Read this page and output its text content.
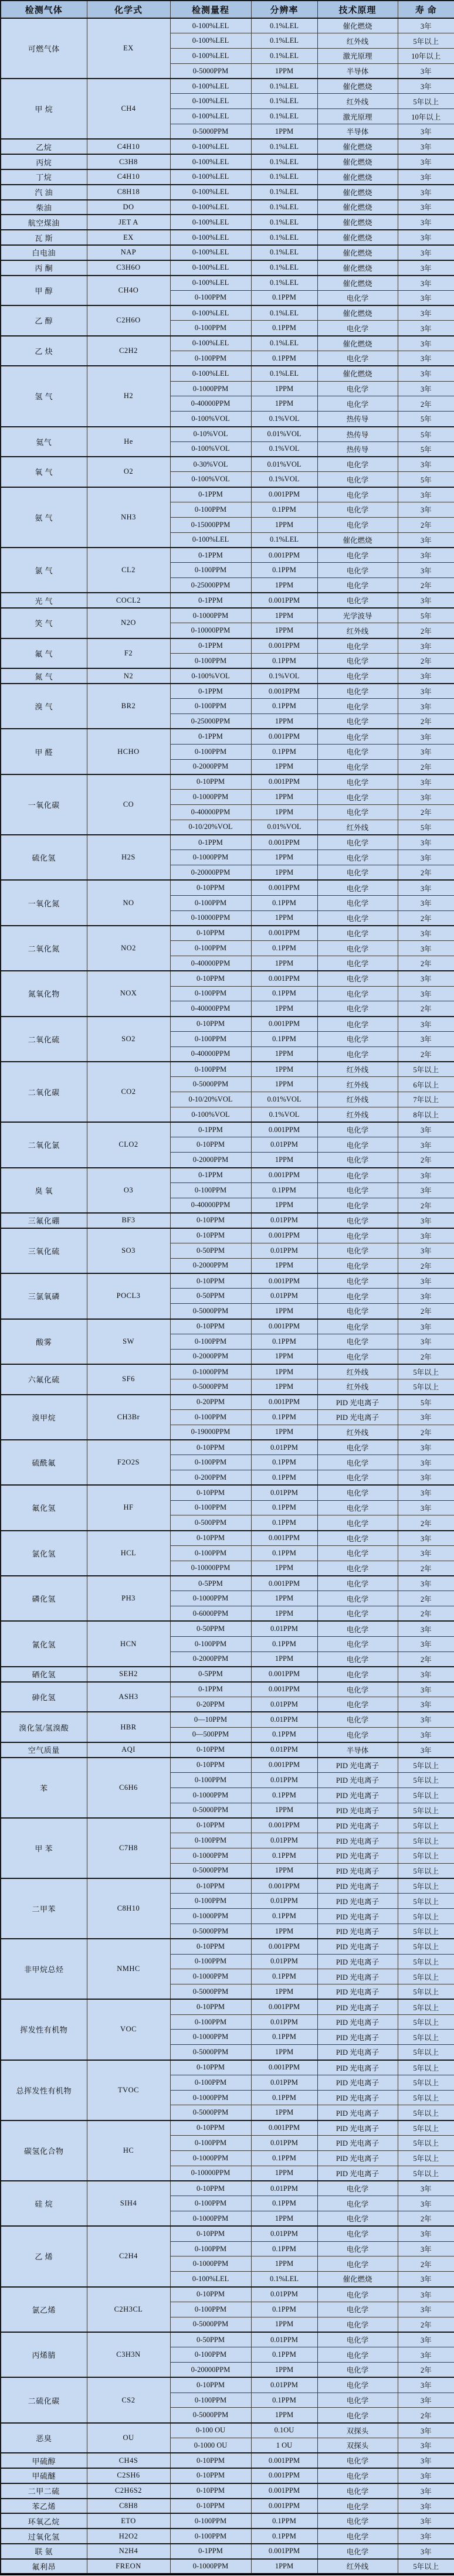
检测气体	化学式	检测量程	分辨率	技术原理	寿 命
可燃气体	EX	0-100%LEL	0.1%LEL	催化燃烧	3年
		0-100%LEL	0.1%LEL	红外线	5年以上
		0-100%LEL	0.1%LEL	激光原理	10年以上
		0-5000PPM	1PPM	半导体	3年
甲 烷	CH4	0-100%LEL	0.1%LEL	催化燃烧	3年
		0-100%LEL	0.1%LEL	红外线	5年以上
		0-100%LEL	0.1%LEL	激光原理	10年以上
		0-5000PPM	1PPM	半导体	3年
乙烷	C4H10	0-100%LEL	0.1%LEL	催化燃烧	3年
丙烷	C3H8	0-100%LEL	0.1%LEL	催化燃烧	3年
丁烷	C4H10	0-100%LEL	0.1%LEL	催化燃烧	3年
汽 油	C8H18	0-100%LEL	0.1%LEL	催化燃烧	3年
柴油	DO	0-100%LEL	0.1%LEL	催化燃烧	3年
航空煤油	JET A	0-100%LEL	0.1%LEL	催化燃烧	3年
瓦 斯	EX	0-100%LEL	0.1%LEL	催化燃烧	3年
白电油	NAP	0-100%LEL	0.1%LEL	催化燃烧	3年
丙 酮	C3H6O	0-100%LEL	0.1%LEL	催化燃烧	3年
甲 醇	CH4O	0-100%LEL	0.1%LEL	催化燃烧	3年
		0-100PPM	0.1PPM	电化学	3年
乙 醇	C2H6O	0-100%LEL	0.1%LEL	催化燃烧	3年
		0-100PPM	0.1PPM	电化学	3年
乙 炔	C2H2	0-100%LEL	0.1%LEL	催化燃烧	3年
		0-100PPM	0.1PPM	电化学	3年
氢 气	H2	0-100%LEL	0.1%LEL	催化燃烧	3年
		0-1000PPM	1PPM	电化学	3年
		0-40000PPM	1PPM	电化学	2年
		0-100%VOL	0.1%VOL	热传导	5年
氦气	He	0-10%VOL	0.01%VOL	热传导	5年
		0-100%VOL	0.1%VOL	热传导	5年
氧 气	O2	0-30%VOL	0.01%VOL	电化学	3年
		0-100%VOL	0.1%VOL	电化学	5年
氨 气	NH3	0-1PPM	0.001PPM	电化学	3年
		0-100PPM	0.1PPM	电化学	3年
		0-15000PPM	1PPM	电化学	2年
		0-100%LEL	0.1%LEL	催化燃烧	3年
氯 气	CL2	0-1PPM	0.001PPM	电化学	3年
		0-100PPM	0.1PPM	电化学	3年
		0-25000PPM	1PPM	电化学	2年
光 气	COCL2	0-1PPM	0.001PPM	电化学	3年
笑 气	N2O	0-1000PPM	1PPM	光学波导	5年
		0-10000PPM	1PPM	红外线	2年
氟 气	F2	0-1PPM	0.001PPM	电化学	3年
		0-100PPM	0.1PPM	电化学	2年
氮 气	N2	0-100%VOL	0.1%VOL	电化学	3年
溴 气	BR2	0-1PPM	0.001PPM	电化学	3年
		0-100PPM	0.1PPM	电化学	3年
		0-25000PPM	1PPM	电化学	2年
甲 醛	HCHO	0-1PPM	0.001PPM	电化学	3年
		0-100PPM	0.1PPM	电化学	3年
		0-2000PPM	1PPM	电化学	2年
一氧化碳	CO	0-10PPM	0.001PPM	电化学	3年
		0-1000PPM	1PPM	电化学	3年
		0-40000PPM	1PPM	电化学	2年
		0-10/20%VOL	0.01%VOL	红外线	5年
硫化氢	H2S	0-1PPM	0.001PPM	电化学	3年
		0-1000PPM	1PPM	电化学	3年
		0-20000PPM	1PPM	电化学	2年
一氧化氮	NO	0-10PPM	0.001PPM	电化学	3年
		0-100PPM	0.1PPM	电化学	3年
		0-10000PPM	1PPM	电化学	2年
二氧化氮	NO2	0-10PPM	0.001PPM	电化学	3年
		0-100PPM	0.1PPM	电化学	3年
		0-40000PPM	1PPM	电化学	2年
氮氧化物	NOX	0-10PPM	0.001PPM	电化学	3年
		0-100PPM	0.1PPM	电化学	3年
		0-40000PPM	1PPM	电化学	2年
二氧化硫	SO2	0-10PPM	0.001PPM	电化学	3年
		0-100PPM	0.1PPM	电化学	3年
		0-40000PPM	1PPM	电化学	2年
二氧化碳	CO2	0-100PPM	1PPM	红外线	5年以上
		0-5000PPM	1PPM	红外线	6年以上
		0-10/20%VOL	0.01%VOL	红外线	7年以上
		0-100%VOL	0.1%VOL	红外线	8年以上
二氧化氯	CLO2	0-1PPM	0.001PPM	电化学	3年
		0-10PPM	0.01PPM	电化学	3年
		0-2000PPM	1PPM	电化学	2年
臭 氧	O3	0-1PPM	0.001PPM	电化学	3年
		0-100PPM	0.1PPM	电化学	3年
		0-40000PPM	1PPM	电化学	2年
三氟化硼	BF3	0-10PPM	0.01PPM	电化学	3年
三氧化硫	SO3	0-10PPM	0.001PPM	电化学	3年
		0-50PPM	0.01PPM	电化学	3年
		0-2000PPM	1PPM	电化学	2年
三氯氧磷	POCL3	0-10PPM	0.001PPM	电化学	3年
		0-50PPM	0.01PPM	电化学	3年
		0-5000PPM	1PPM	电化学	2年
酸雾	SW	0-10PPM	0.001PPM	电化学	3年
		0-100PPM	0.1PPM	电化学	3年
		0-2000PPM	1PPM	电化学	2年
六氟化硫	SF6	0-1000PPM	1PPM	红外线	5年以上
		0-5000PPM	1PPM	红外线	5年以上
溴甲烷	CH3Br	0-20PPM	0.001PPM	PID 光电离子	5年
		0-100PPM	0.1PPM	PID 光电离子	3年
		0-19000PPM	1PPM	红外线	2年
硫酰氟	F2O2S	0-10PPM	0.01PPM	电化学	3年
		0-100PPM	0.1PPM	电化学	3年
		0-200PPM	0.1PPM	电化学	3年
氟化氢	HF	0-10PPM	0.01PPM	电化学	3年
		0-100PPM	0.1PPM	电化学	3年
		0-500PPM	0.1PPM	电化学	2年
氯化氢	HCL	0-10PPM	0.001PPM	电化学	3年
		0-100PPM	0.1PPM	电化学	3年
		0-10000PPM	1PPM	电化学	2年
磷化氢	PH3	0-5PPM	0.001PPM	电化学	3年
		0-1000PPM	1PPM	电化学	2年
		0-6000PPM	1PPM	电化学	2年
氰化氢	HCN	0-50PPM	0.01PPM	电化学	3年
		0-100PPM	0.1PPM	电化学	3年
		0-2000PPM	1PPM	电化学	2年
硒化氢	SEH2	0-5PPM	0.001PPM	电化学	3年
砷化氢	ASH3	0-1PPM	0.001PPM	电化学	3年
		0-20PPM	0.01PPM	电化学	3年
溴化氢/氢溴酸	HBR	0—10PPM	0.01PPM	电化学	3年
		0—500PPM	0.1PPM	电化学	3年
空气质量	AQI	0-10PPM	0.01PPM	半导体	3年
苯	C6H6	0-10PPM	0.001PPM	PID 光电离子	5年以上
		0-100PPM	0.01PPM	PID 光电离子	5年以上
		0-1000PPM	0.1PPM	PID 光电离子	5年以上
		0-5000PPM	1PPM	PID 光电离子	5年以上
甲 苯	C7H8	0-10PPM	0.001PPM	PID 光电离子	5年以上
		0-100PPM	0.01PPM	PID 光电离子	5年以上
		0-1000PPM	0.1PPM	PID 光电离子	5年以上
		0-5000PPM	1PPM	PID 光电离子	5年以上
二甲苯	C8H10	0-10PPM	0.001PPM	PID 光电离子	5年以上
		0-100PPM	0.01PPM	PID 光电离子	5年以上
		0-1000PPM	0.1PPM	PID 光电离子	5年以上
		0-5000PPM	1PPM	PID 光电离子	5年以上
非甲烷总烃	NMHC	0-10PPM	0.001PPM	PID 光电离子	5年以上
		0-100PPM	0.01PPM	PID 光电离子	5年以上
		0-1000PPM	0.1PPM	PID 光电离子	5年以上
		0-5000PPM	1PPM	PID 光电离子	5年以上
挥发性有机物	VOC	0-10PPM	0.001PPM	PID 光电离子	5年以上
		0-100PPM	0.01PPM	PID 光电离子	5年以上
		0-1000PPM	0.1PPM	PID 光电离子	5年以上
		0-5000PPM	1PPM	PID 光电离子	5年以上
总挥发性有机物	TVOC	0-10PPM	0.001PPM	PID 光电离子	5年以上
		0-100PPM	0.01PPM	PID 光电离子	5年以上
		0-1000PPM	0.1PPM	PID 光电离子	5年以上
		0-5000PPM	1PPM	PID 光电离子	5年以上
碳氢化合物	HC	0-10PPM	0.001PPM	PID 光电离子	5年以上
		0-100PPM	0.01PPM	PID 光电离子	5年以上
		0-1000PPM	0.1PPM	PID 光电离子	5年以上
		0-10000PPM	1PPM	PID 光电离子	5年以上
硅 烷	SIH4	0-10PPM	0.01PPM	电化学	3年
		0-100PPM	0.1PPM	电化学	3年
		0-1000PPM	1PPM	电化学	2年
乙 烯	C2H4	0-10PPM	0.01PPM	电化学	3年
		0-100PPM	0.1PPM	电化学	3年
		0-1000PPM	1PPM	电化学	2年
		0-100%LEL	0.1%LEL	催化燃烧	3年
氯乙烯	C2H3CL	0-10PPM	0.01PPM	电化学	3年
		0-100PPM	0.1PPM	电化学	3年
		0-5000PPM	1PPM	电化学	2年
丙烯腈	C3H3N	0-50PPM	0.01PPM	电化学	3年
		0-100PPM	0.1PPM	电化学	3年
		0-20000PPM	1PPM	电化学	2年
二硫化碳	CS2	0-10PPM	0.01PPM	电化学	3年
		0-100PPM	0.1PPM	电化学	3年
		0-5000PPM	1PPM	电化学	2年
恶臭	OU	0-100 OU	0.1OU	双探头	3年
		0-1000 OU	1 OU	双探头	3年
甲硫醇	CH4S	0-10PPM	0.001PPM	电化学	3年
甲硫醚	C2SH6	0-10PPM	0.001PPM	电化学	3年
二甲二硫	C2H6S2	0-10PPM	0.001PPM	电化学	3年
苯乙烯	C8H8	0-10PPM	0.001PPM	电化学	3年
环氧乙烷	ETO	0-100PPM	0.1PPM	电化学	3年
过氧化氢	H2O2	0-100PPM	0.1PPM	电化学	3年
联 氨	N2H4	0-1PPM	0.001PPM	电化学	3年
氟利昂	FREON	0-1000PPM	1PPM	红外线	5年以上
